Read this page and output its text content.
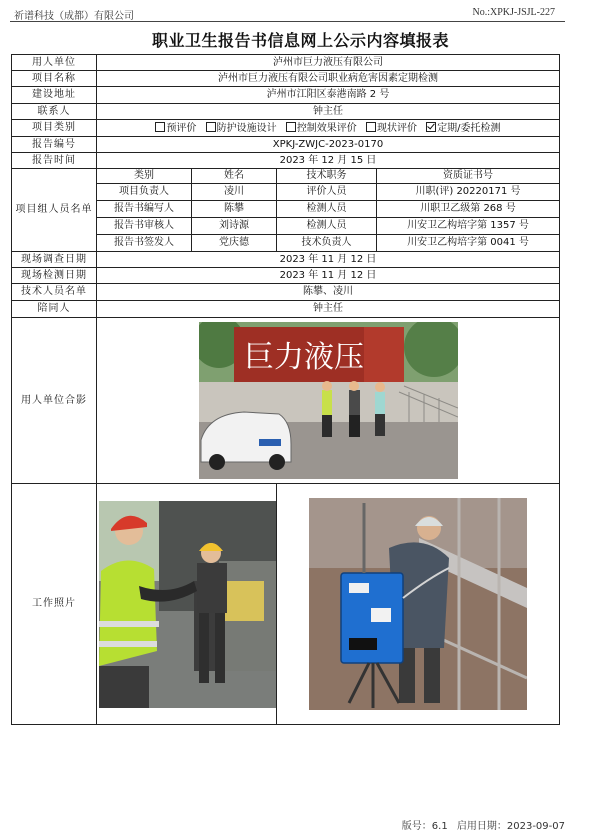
祈谱科技（成都）有限公司	No.:XPKJ-JSJL-227
职业卫生报告书信息网上公示内容填报表
用人单位	泸州市巨力液压有限公司			
项目名称	泸州市巨力液压有限公司职业病危害因素定期检测			
建设地址	泸州市江阳区泰港南路 2 号			
联系人	钟主任			
项目类别	预评价 防护设施设计 控制效果评价 现状评价 定期/委托检测			
报告编号	XPKJ-ZWJC-2023-0170			
报告时间	2023 年 12 月 15 日			
项目组人员名单	类别	姓名	技术职务	资质证书号
	项目负责人	凌川	评价人员	川职(评) 20220171 号
	报告书编写人	陈攀	检测人员	川职卫乙级第 268 号
	报告书审核人	刘诗源	检测人员	川安卫乙构培字第 1357 号
	报告书签发人	党庆德	技术负责人	川安卫乙构培字第 0041 号
现场调查日期	2023 年 11 月 12 日			
现场检测日期	2023 年 11 月 12 日			
技术人员名单	陈攀、凌川			
陪同人	钟主任			
用人单位合影	巨力液压			

工作照片	

版号：6.1 启用日期：2023-09-07
